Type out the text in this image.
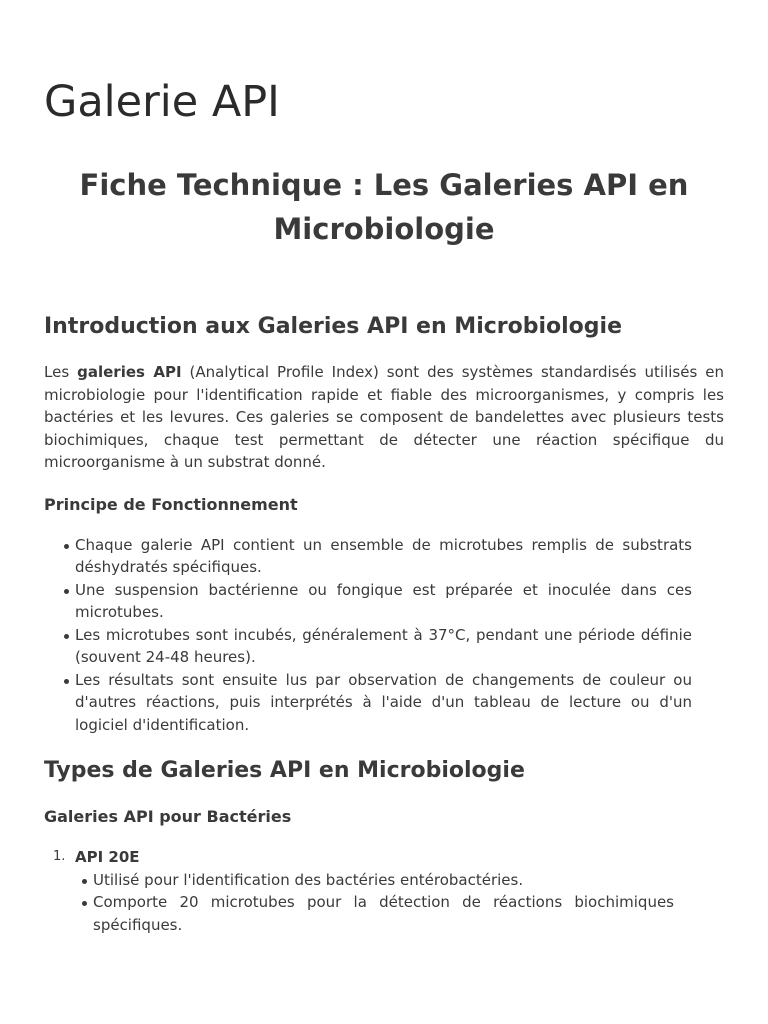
Galerie API
Fiche Technique : Les Galeries API en Microbiologie
Introduction aux Galeries API en Microbiologie

Les galeries API (Analytical Profile Index) sont des systèmes standardisés utilisés en microbiologie pour l'identification rapide et fiable des microorganismes, y compris les bactéries et les levures. Ces galeries se composent de bandelettes avec plusieurs tests biochimiques, chaque test permettant de détecter une réaction spécifique du microorganisme à un substrat donné.

Principe de Fonctionnement
Chaque galerie API contient un ensemble de microtubes remplis de substrats déshydratés spécifiques.
Une suspension bactérienne ou fongique est préparée et inoculée dans ces microtubes.
Les microtubes sont incubés, généralement à 37°C, pendant une période définie (souvent 24-48 heures).
Les résultats sont ensuite lus par observation de changements de couleur ou d'autres réactions, puis interprétés à l'aide d'un tableau de lecture ou d'un logiciel d'identification.
Types de Galeries API en Microbiologie
Galeries API pour Bactéries
1. API 20E
Utilisé pour l'identification des bactéries entérobactéries.
Comporte 20 microtubes pour la détection de réactions biochimiques spécifiques.
